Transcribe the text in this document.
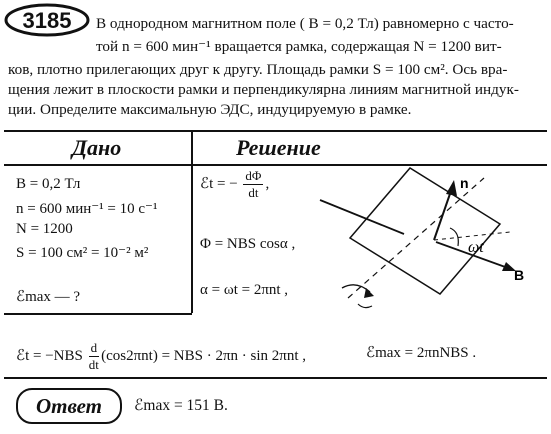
3185 В однородном магнитном поле ( B = 0,2 Тл) равномерно с часто-
той n = 600 мин⁻¹ вращается рамка, содержащая N = 1200 вит-
ков, плотно прилегающих друг к другу. Площадь рамки S = 100 см². Ось вра-
щения лежит в плоскости рамки и перпендикулярна линиям магнитной индук-
ции. Определите максимальную ЭДС, индуцируемую в рамке.
Дано	Решение
B = 0,2 Тл
n = 600 мин⁻¹ = 10 с⁻¹
N = 1200
S = 100 см² = 10⁻² м²
ℰmax — ?
ℰt = − $\frac{d\Phi}{dt}$ ,
Φ = NBS cosα ,
α = ωt = 2πnt ,
ℰt = $-NBS \frac{d}{dt} (\cos 2\pi nt)$ = NBS · 2πn · sin 2πnt ,	ℰmax = 2πnNBS .
n
B
ωt
Ответ	ℰmax = 151 В.
